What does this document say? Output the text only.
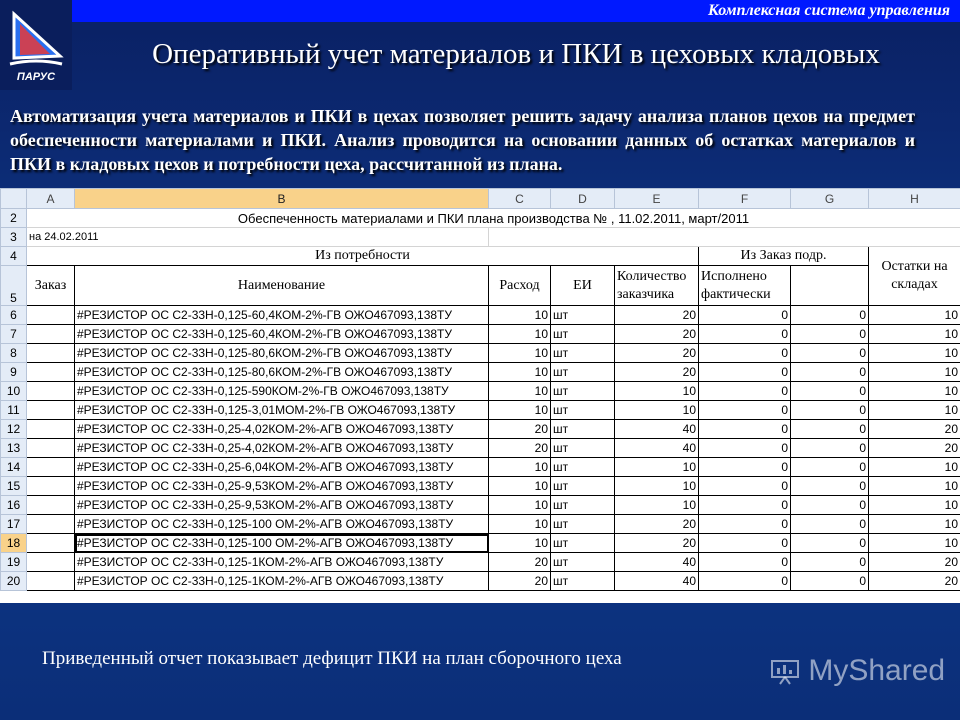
Комплексная система управления
ПАРУС
Оперативный учет материалов и ПКИ в цеховых кладовых
Автоматизация учета материалов и ПКИ в цехах позволяет решить задачу анализа планов цехов на предмет обеспеченности материалами и ПКИ. Анализ проводится на основании данных об остатках материалов и ПКИ в кладовых цехов и потребности цеха, рассчитанной из плана.
	A	B	C	D	E	F	G	H	
2	Обеспеченность материалами и ПКИ плана производства № , 11.02.2011, март/2011								
3	на 24.02.2011								
4	Из потребности					Из Заказ подр.		Остатки на складах	
5	Заказ	Наименование	Расход	ЕИ	Количество заказчика	Исполнено фактически			
6		#РЕЗИСТОР ОС С2-33Н-0,125-60,4КОМ-2%-ГВ ОЖО467093,138ТУ	10	шт	20	0	0	10	
7		#РЕЗИСТОР ОС С2-33Н-0,125-60,4КОМ-2%-ГВ ОЖО467093,138ТУ	10	шт	20	0	0	10	
8		#РЕЗИСТОР ОС С2-33Н-0,125-80,6КОМ-2%-ГВ ОЖО467093,138ТУ	10	шт	20	0	0	10	
9		#РЕЗИСТОР ОС С2-33Н-0,125-80,6КОМ-2%-ГВ ОЖО467093,138ТУ	10	шт	20	0	0	10	
10		#РЕЗИСТОР ОС С2-33Н-0,125-590КОМ-2%-ГВ ОЖО467093,138ТУ	10	шт	10	0	0	10	
11		#РЕЗИСТОР ОС С2-33Н-0,125-3,01МОМ-2%-ГВ ОЖО467093,138ТУ	10	шт	10	0	0	10	
12		#РЕЗИСТОР ОС С2-33Н-0,25-4,02КОМ-2%-АГВ ОЖО467093,138ТУ	20	шт	40	0	0	20	
13		#РЕЗИСТОР ОС С2-33Н-0,25-4,02КОМ-2%-АГВ ОЖО467093,138ТУ	20	шт	40	0	0	20	
14		#РЕЗИСТОР ОС С2-33Н-0,25-6,04КОМ-2%-АГВ ОЖО467093,138ТУ	10	шт	10	0	0	10	
15		#РЕЗИСТОР ОС С2-33Н-0,25-9,53КОМ-2%-АГВ ОЖО467093,138ТУ	10	шт	10	0	0	10	
16		#РЕЗИСТОР ОС С2-33Н-0,25-9,53КОМ-2%-АГВ ОЖО467093,138ТУ	10	шт	10	0	0	10	
17		#РЕЗИСТОР ОС С2-33Н-0,125-100 ОМ-2%-АГВ ОЖО467093,138ТУ	10	шт	20	0	0	10	
18		#РЕЗИСТОР ОС С2-33Н-0,125-100 ОМ-2%-АГВ ОЖО467093,138ТУ	10	шт	20	0	0	10	
19		#РЕЗИСТОР ОС С2-33Н-0,125-1КОМ-2%-АГВ ОЖО467093,138ТУ	20	шт	40	0	0	20	
20		#РЕЗИСТОР ОС С2-33Н-0,125-1КОМ-2%-АГВ ОЖО467093,138ТУ	20	шт	40	0	0	20	
Приведенный отчет показывает дефицит ПКИ на план сборочного цеха	MyShared
